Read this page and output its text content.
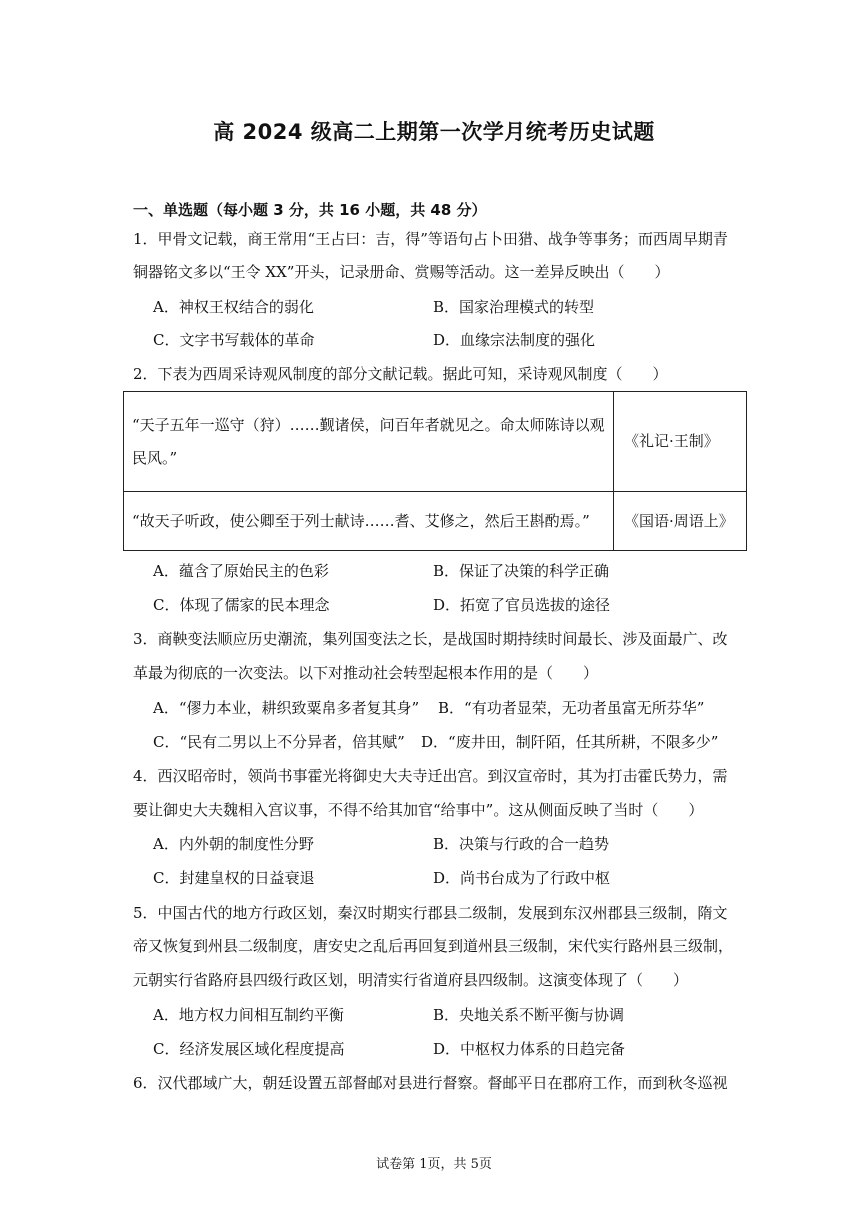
高 2024 级高二上期第一次学月统考历史试题
一、单选题（每小题 3 分，共 16 小题，共 48 分）
1．甲骨文记载，商王常用“王占曰：吉，得”等语句占卜田猎、战争等事务；而西周早期青
铜器铭文多以“王令 XX”开头，记录册命、赏赐等活动。这一差异反映出（　　）
A．神权王权结合的弱化	B．国家治理模式的转型
C．文字书写载体的革命	D．血缘宗法制度的强化
2．下表为西周采诗观风制度的部分文献记载。据此可知，采诗观风制度（　　）
“天子五年一巡守（狩）……觐诸侯，问百年者就见之。命太师陈诗以观民风。”	《礼记·王制》
“故天子听政，使公卿至于列士献诗……耆、艾修之，然后王斟酌焉。”	《国语·周语上》
A．蕴含了原始民主的色彩	B．保证了决策的科学正确
C．体现了儒家的民本理念	D．拓宽了官员选拔的途径
3．商鞅变法顺应历史潮流，集列国变法之长，是战国时期持续时间最长、涉及面最广、改
革最为彻底的一次变法。以下对推动社会转型起根本作用的是（　　）
A．“僇力本业，耕织致粟帛多者复其身” B．“有功者显荣，无功者虽富无所芬华”
C．“民有二男以上不分异者，倍其赋” D．“废井田，制阡陌，任其所耕，不限多少”
4．西汉昭帝时，领尚书事霍光将御史大夫寺迁出宫。到汉宣帝时，其为打击霍氏势力，需
要让御史大夫魏相入宫议事，不得不给其加官“给事中”。这从侧面反映了当时（　　）
A．内外朝的制度性分野	B．决策与行政的合一趋势
C．封建皇权的日益衰退	D．尚书台成为了行政中枢
5．中国古代的地方行政区划，秦汉时期实行郡县二级制，发展到东汉州郡县三级制，隋文
帝又恢复到州县二级制度，唐安史之乱后再回复到道州县三级制，宋代实行路州县三级制，
元朝实行省路府县四级行政区划，明清实行省道府县四级制。这演变体现了（　　）
A．地方权力间相互制约平衡	B．央地关系不断平衡与协调
C．经济发展区域化程度提高	D．中枢权力体系的日趋完备
6．汉代郡域广大，朝廷设置五部督邮对县进行督察。督邮平日在郡府工作，而到秋冬巡视
试卷第 1页，共 5页
